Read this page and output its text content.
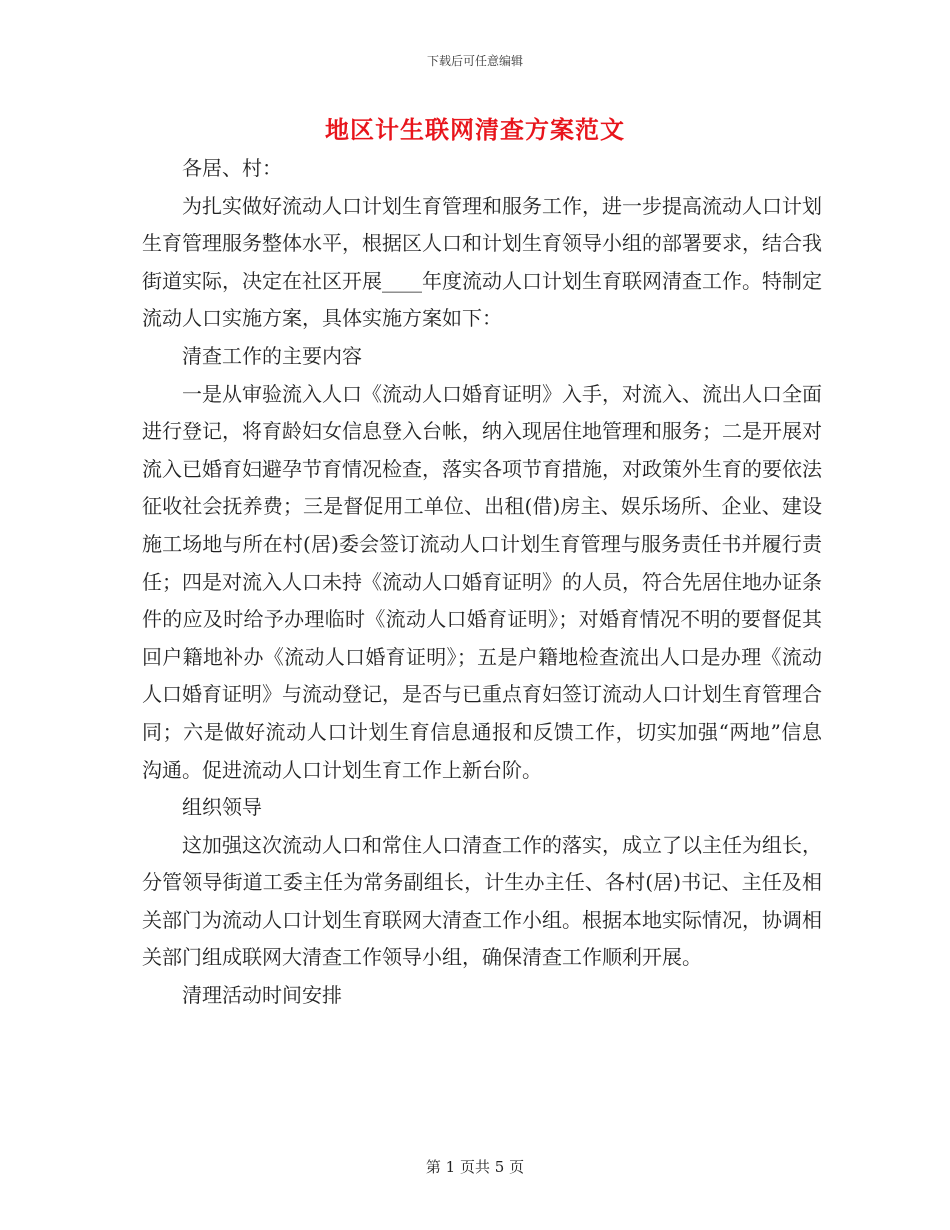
下载后可任意编辑
地区计生联网清查方案范文

各居、村：

为扎实做好流动人口计划生育管理和服务工作，进一步提高流动人口计划生育管理服务整体水平，根据区人口和计划生育领导小组的部署要求，结合我街道实际，决定在社区开展____年度流动人口计划生育联网清查工作。特制定流动人口实施方案，具体实施方案如下：

清查工作的主要内容

一是从审验流入人口《流动人口婚育证明》入手，对流入、流出人口全面进行登记，将育龄妇女信息登入台帐，纳入现居住地管理和服务；二是开展对流入已婚育妇避孕节育情况检查，落实各项节育措施，对政策外生育的要依法征收社会抚养费；三是督促用工单位、出租(借)房主、娱乐场所、企业、建设施工场地与所在村(居)委会签订流动人口计划生育管理与服务责任书并履行责任；四是对流入人口未持《流动人口婚育证明》的人员，符合先居住地办证条件的应及时给予办理临时《流动人口婚育证明》；对婚育情况不明的要督促其回户籍地补办《流动人口婚育证明》；五是户籍地检查流出人口是办理《流动人口婚育证明》与流动登记，是否与已重点育妇签订流动人口计划生育管理合同；六是做好流动人口计划生育信息通报和反馈工作，切实加强“两地”信息沟通。促进流动人口计划生育工作上新台阶。

组织领导

这加强这次流动人口和常住人口清查工作的落实，成立了以主任为组长，分管领导街道工委主任为常务副组长，计生办主任、各村(居)书记、主任及相关部门为流动人口计划生育联网大清查工作小组。根据本地实际情况，协调相关部门组成联网大清查工作领导小组，确保清查工作顺利开展。

清理活动时间安排

第 1 页共 5 页
